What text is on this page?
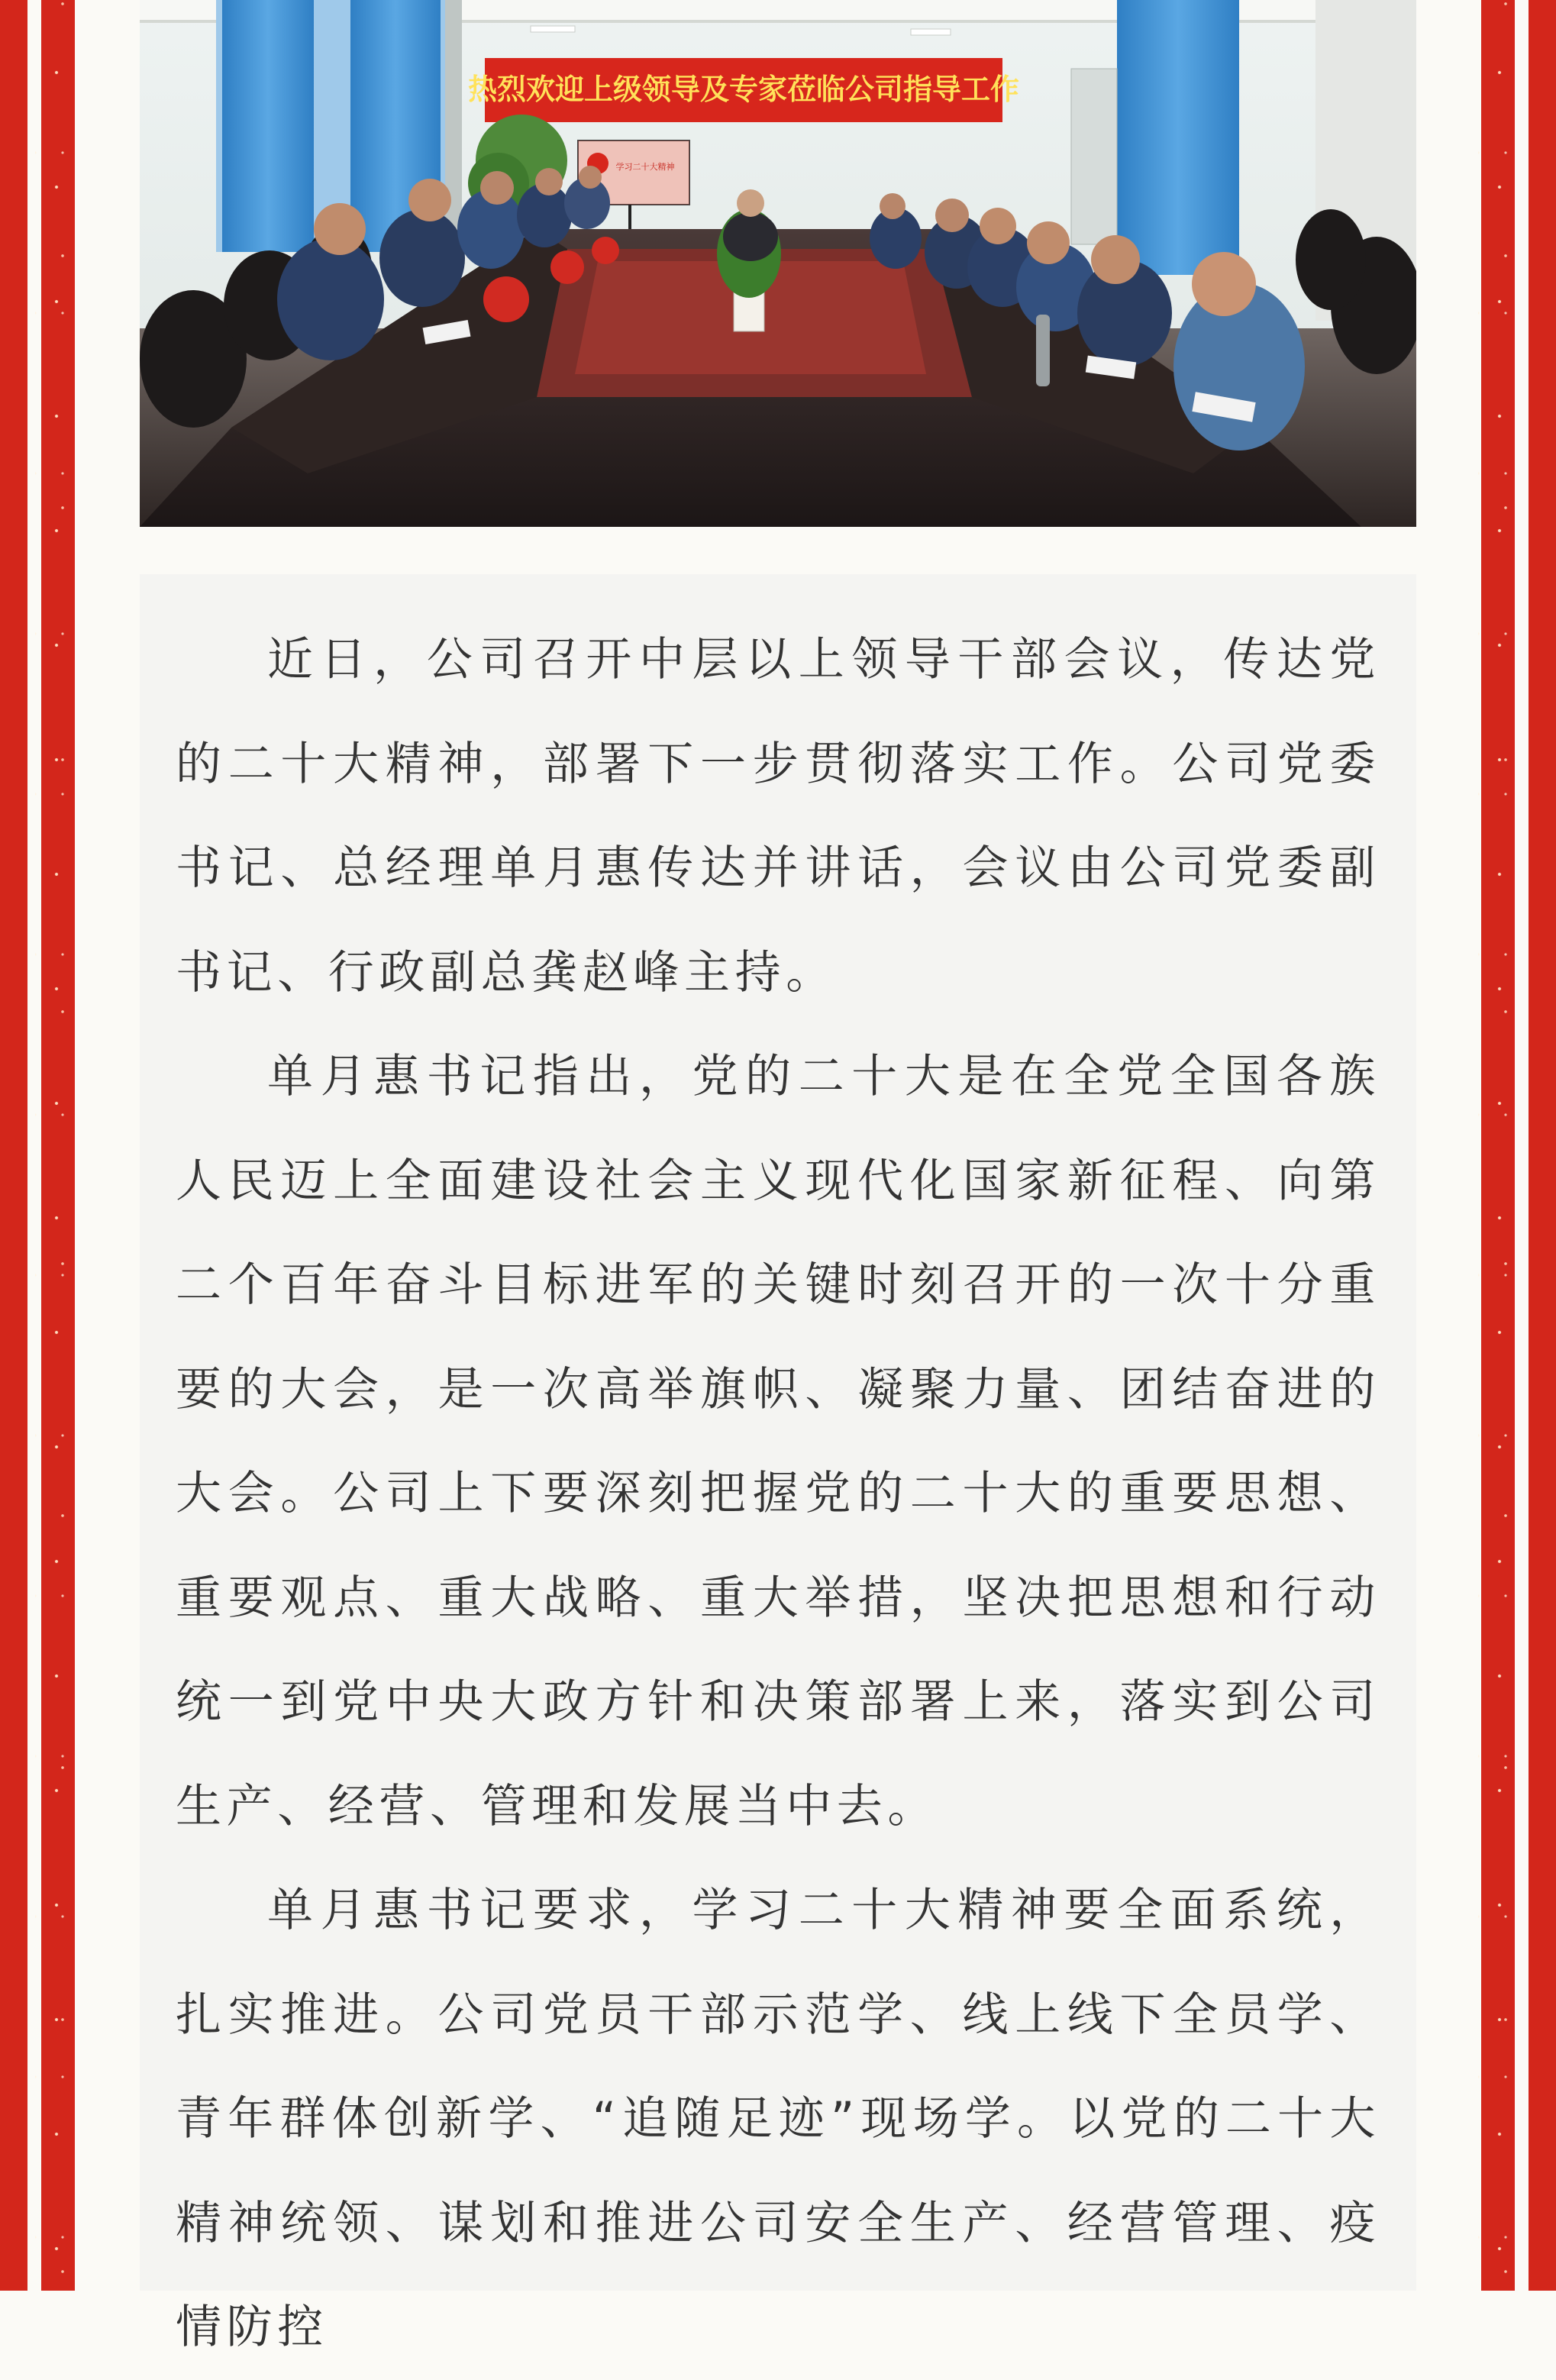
热烈欢迎上级领导及专家莅临公司指导工作
学习二十大精神

近日，公司召开中层以上领导干部会议，传达党的二十大精神，部署下一步贯彻落实工作。公司党委书记、总经理单月惠传达并讲话，会议由公司党委副书记、行政副总龚赵峰主持。

单月惠书记指出，党的二十大是在全党全国各族人民迈上全面建设社会主义现代化国家新征程、向第二个百年奋斗目标进军的关键时刻召开的一次十分重要的大会，是一次高举旗帜、凝聚力量、团结奋进的大会。公司上下要深刻把握党的二十大的重要思想、重要观点、重大战略、重大举措，坚决把思想和行动统一到党中央大政方针和决策部署上来，落实到公司生产、经营、管理和发展当中去。

单月惠书记要求，学习二十大精神要全面系统，扎实推进。公司党员干部示范学、线上线下全员学、青年群体创新学、“追随足迹”现场学。以党的二十大精神统领、谋划和推进公司安全生产、经营管理、疫情防控
